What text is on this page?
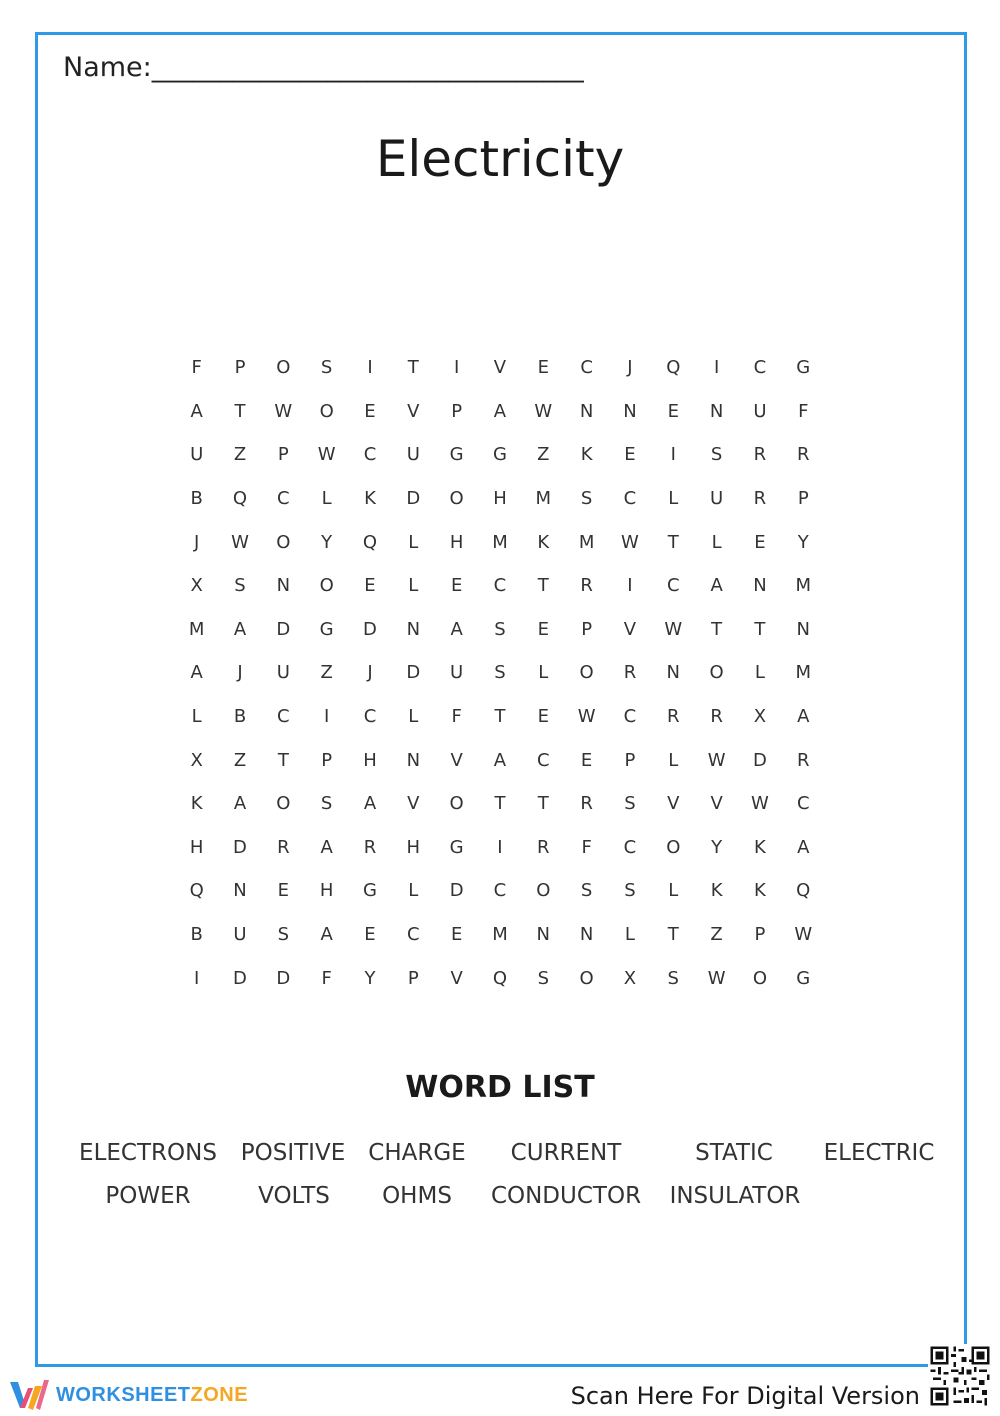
Name:________________________________
Electricity
F	P	O	S	I	T	I	V	E	C	J	Q	I	C	G
A	T	W	O	E	V	P	A	W	N	N	E	N	U	F
U	Z	P	W	C	U	G	G	Z	K	E	I	S	R	R
B	Q	C	L	K	D	O	H	M	S	C	L	U	R	P
J	W	O	Y	Q	L	H	M	K	M	W	T	L	E	Y
X	S	N	O	E	L	E	C	T	R	I	C	A	N	M
M	A	D	G	D	N	A	S	E	P	V	W	T	T	N
A	J	U	Z	J	D	U	S	L	O	R	N	O	L	M
L	B	C	I	C	L	F	T	E	W	C	R	R	X	A
X	Z	T	P	H	N	V	A	C	E	P	L	W	D	R
K	A	O	S	A	V	O	T	T	R	S	V	V	W	C
H	D	R	A	R	H	G	I	R	F	C	O	Y	K	A
Q	N	E	H	G	L	D	C	O	S	S	L	K	K	Q
B	U	S	A	E	C	E	M	N	N	L	T	Z	P	W
I	D	D	F	Y	P	V	Q	S	O	X	S	W	O	G
WORD LIST
ELECTRONS POSITIVE CHARGE	CURRENT	STATIC	ELECTRIC
POWER	VOLTS	OHMS	CONDUCTOR	INSULATOR
WORKSHEETZONE	Scan Here For Digital Version
